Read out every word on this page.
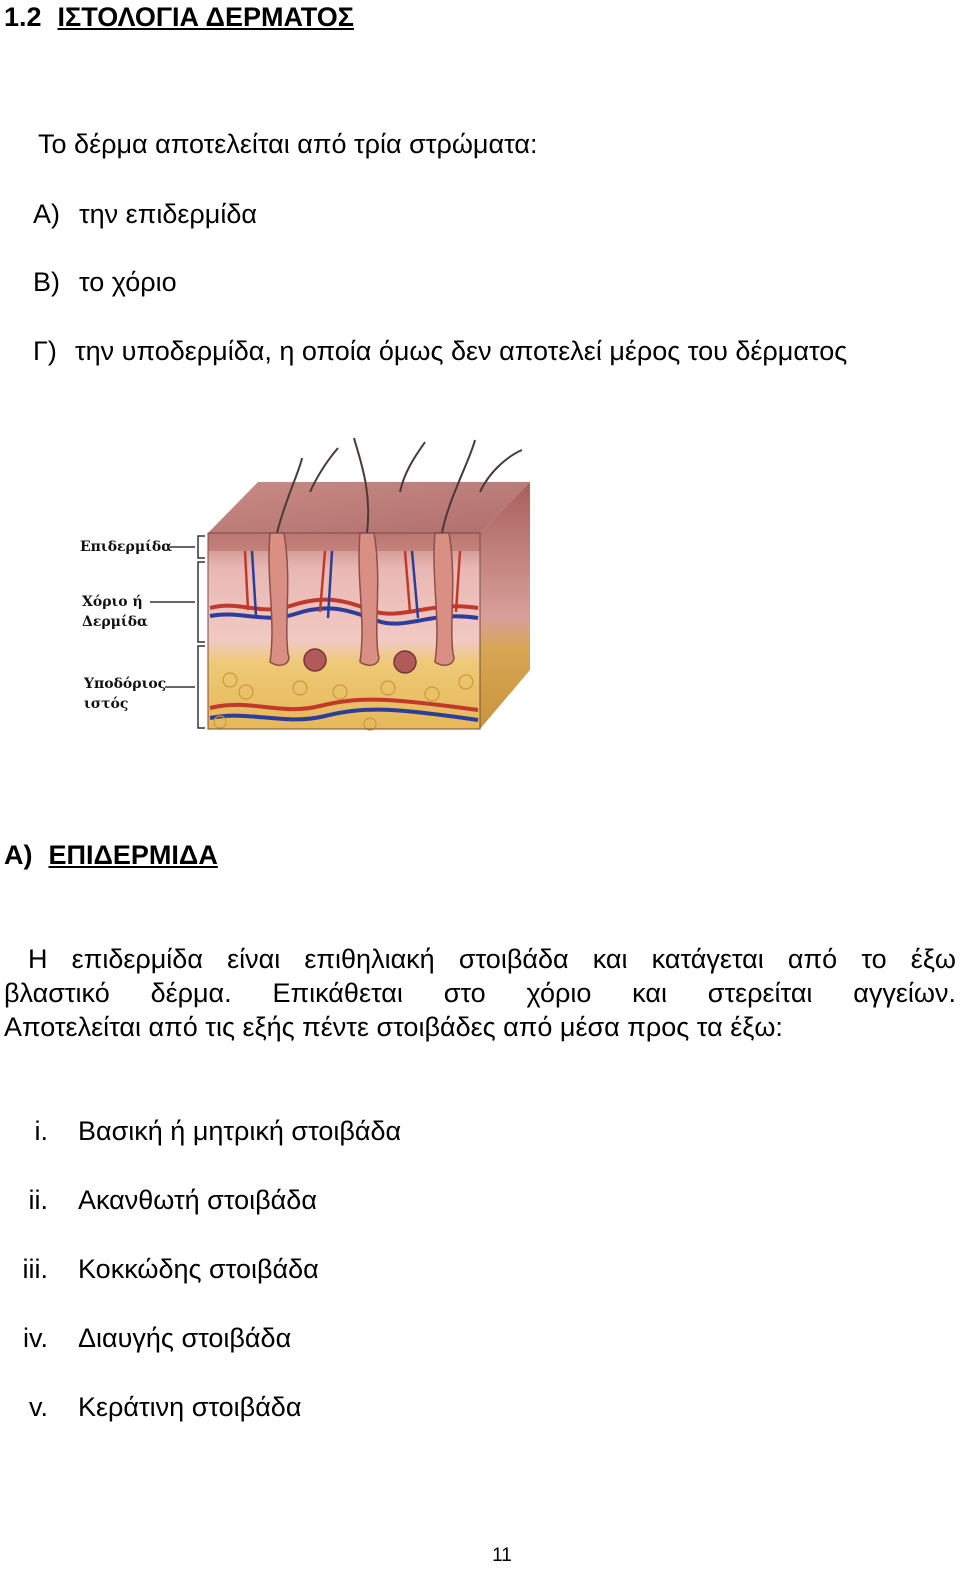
1.2 ΙΣΤΟΛΟΓΙΑ ΔΕΡΜΑΤΟΣ
Το δέρμα αποτελείται από τρία στρώματα:
Α) την επιδερμίδα
Β) το χόριο
Γ) την υποδερμίδα, η οποία όμως δεν αποτελεί μέρος του δέρματος
Επιδερμίδα
Χόριο ή
Δερμίδα
Υποδόριος
ιστός
Α) ΕΠΙΔΕΡΜΙΔΑ
Η επιδερμίδα είναι επιθηλιακή στοιβάδα και κατάγεται από το έξω
βλαστικό δέρμα. Επικάθεται στο χόριο και στερείται αγγείων.
Αποτελείται από τις εξής πέντε στοιβάδες από μέσα προς τα έξω:
i. Βασική ή μητρική στοιβάδα
ii. Ακανθωτή στοιβάδα
iii. Κοκκώδης στοιβάδα
iv. Διαυγής στοιβάδα
v. Κεράτινη στοιβάδα
11
